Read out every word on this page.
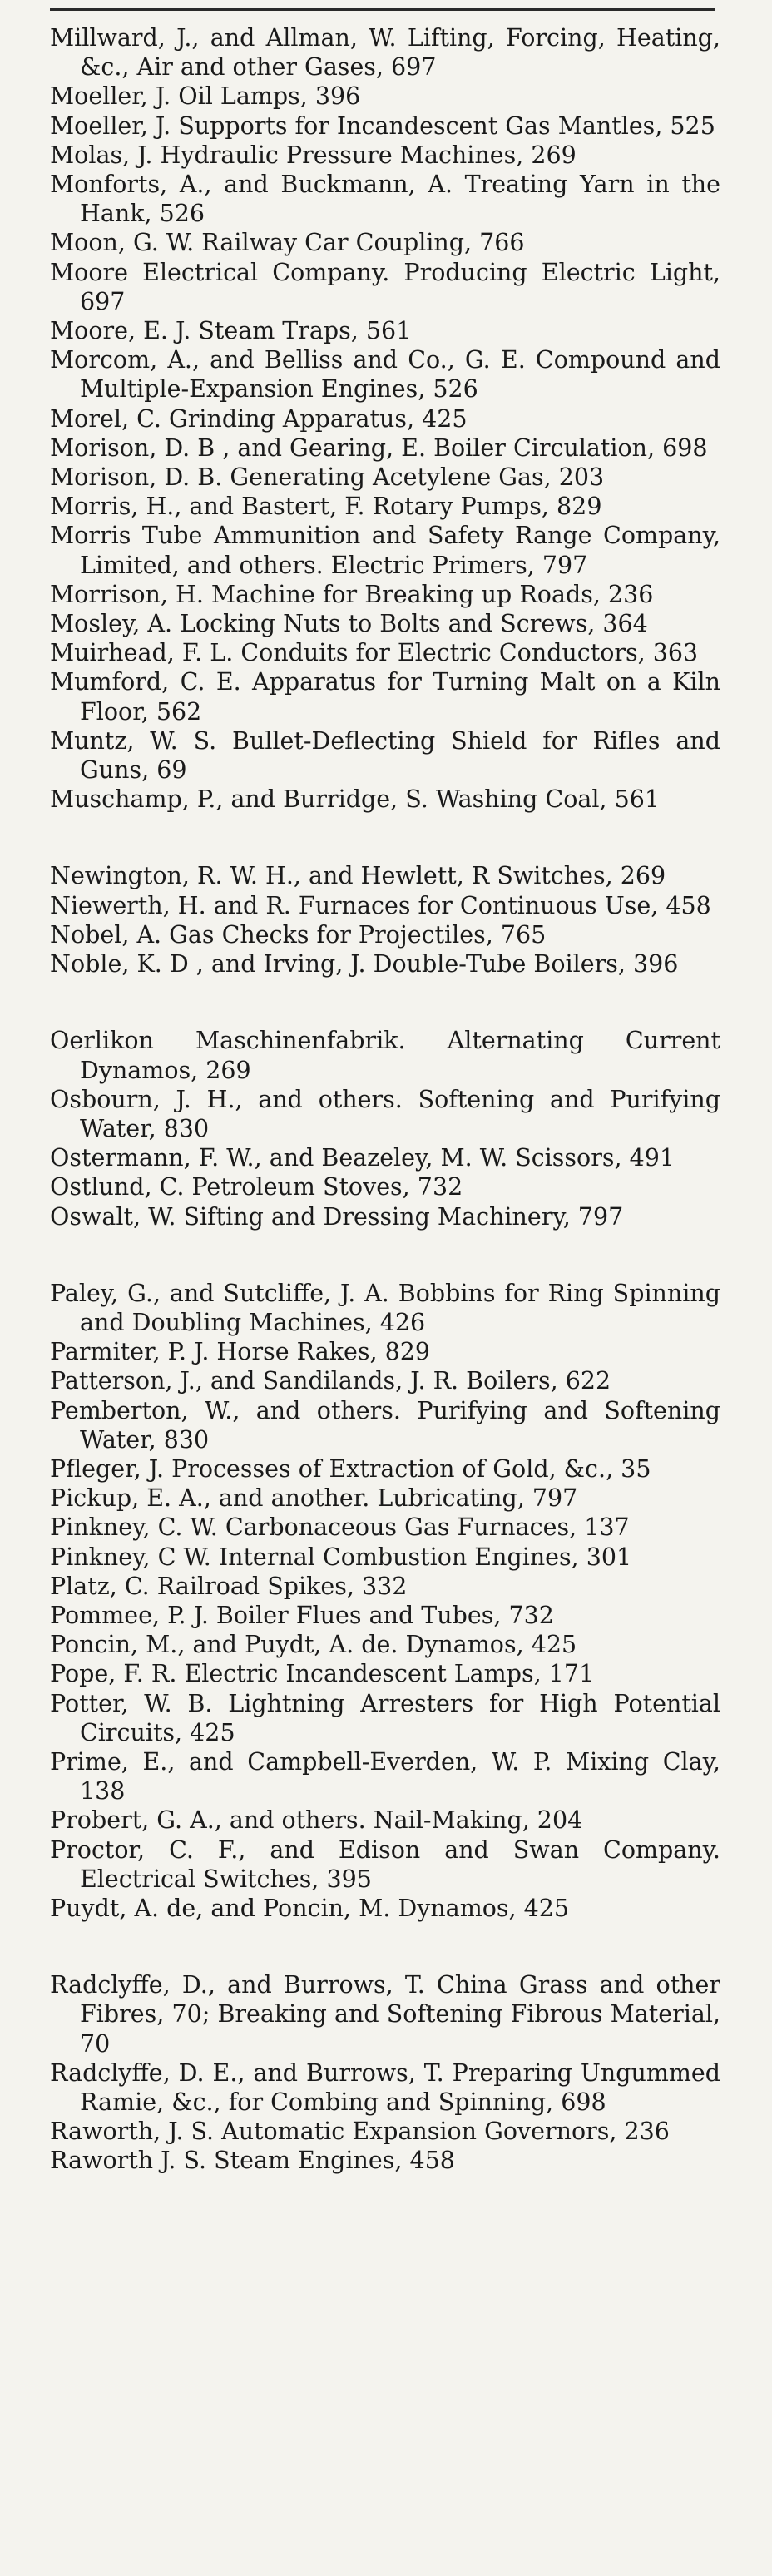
Millward, J., and Allman, W. Lifting, Forcing, Heating, &c., Air and other Gases, 697

Moeller, J. Oil Lamps, 396

Moeller, J. Supports for Incandescent Gas Mantles, 525

Molas, J. Hydraulic Pressure Machines, 269

Monforts, A., and Buckmann, A. Treating Yarn in the Hank, 526

Moon, G. W. Railway Car Coupling, 766

Moore Electrical Company. Producing Electric Light, 697

Moore, E. J. Steam Traps, 561

Morcom, A., and Belliss and Co., G. E. Compound and Multiple-Expansion Engines, 526

Morel, C. Grinding Apparatus, 425

Morison, D. B , and Gearing, E. Boiler Circulation, 698

Morison, D. B. Generating Acetylene Gas, 203

Morris, H., and Bastert, F. Rotary Pumps, 829

Morris Tube Ammunition and Safety Range Company, Limited, and others. Electric Primers, 797

Morrison, H. Machine for Breaking up Roads, 236

Mosley, A. Locking Nuts to Bolts and Screws, 364

Muirhead, F. L. Conduits for Electric Conductors, 363

Mumford, C. E. Apparatus for Turning Malt on a Kiln Floor, 562

Muntz, W. S. Bullet-Deflecting Shield for Rifles and Guns, 69

Muschamp, P., and Burridge, S. Washing Coal, 561

Newington, R. W. H., and Hewlett, R Switches, 269

Niewerth, H. and R. Furnaces for Continuous Use, 458

Nobel, A. Gas Checks for Projectiles, 765

Noble, K. D , and Irving, J. Double-Tube Boilers, 396

Oerlikon Maschinenfabrik. Alternating Current Dynamos, 269

Osbourn, J. H., and others. Softening and Purifying Water, 830

Ostermann, F. W., and Beazeley, M. W. Scissors, 491

Ostlund, C. Petroleum Stoves, 732

Oswalt, W. Sifting and Dressing Machinery, 797

Paley, G., and Sutcliffe, J. A. Bobbins for Ring Spinning and Doubling Machines, 426

Parmiter, P. J. Horse Rakes, 829

Patterson, J., and Sandilands, J. R. Boilers, 622

Pemberton, W., and others. Purifying and Softening Water, 830

Pfleger, J. Processes of Extraction of Gold, &c., 35

Pickup, E. A., and another. Lubricating, 797

Pinkney, C. W. Carbonaceous Gas Furnaces, 137

Pinkney, C W. Internal Combustion Engines, 301

Platz, C. Railroad Spikes, 332

Pommee, P. J. Boiler Flues and Tubes, 732

Poncin, M., and Puydt, A. de. Dynamos, 425

Pope, F. R. Electric Incandescent Lamps, 171

Potter, W. B. Lightning Arresters for High Potential Circuits, 425

Prime, E., and Campbell-Everden, W. P. Mixing Clay, 138

Probert, G. A., and others. Nail-Making, 204

Proctor, C. F., and Edison and Swan Company. Electrical Switches, 395

Puydt, A. de, and Poncin, M. Dynamos, 425

Radclyffe, D., and Burrows, T. China Grass and other Fibres, 70; Breaking and Softening Fibrous Material, 70

Radclyffe, D. E., and Burrows, T. Preparing Ungummed Ramie, &c., for Combing and Spinning, 698

Raworth, J. S. Automatic Expansion Governors, 236

Raworth J. S. Steam Engines, 458
